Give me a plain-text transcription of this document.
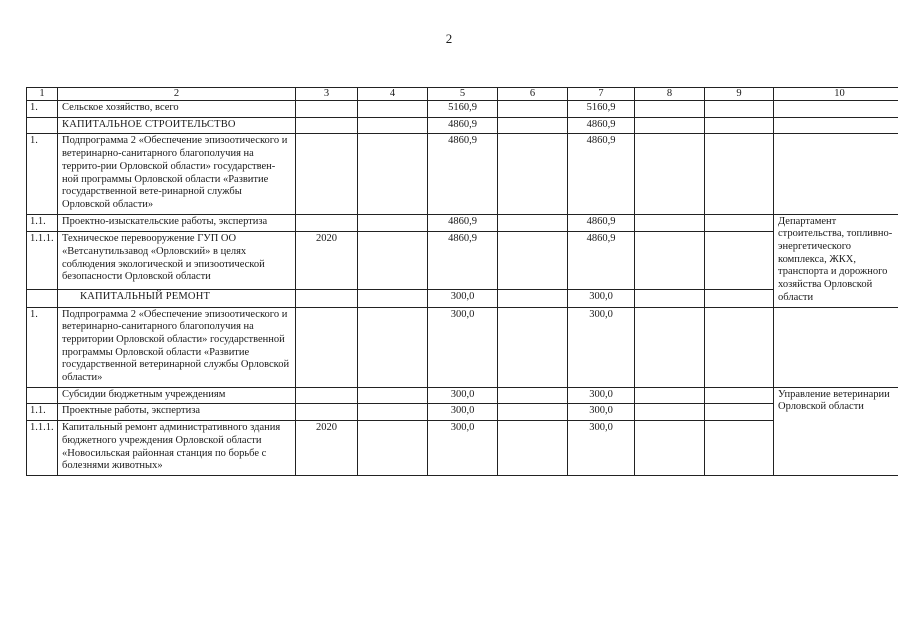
2
1	2	3	4	5	6	7	8	9	10
1.	Сельское хозяйство, всего			5160,9		5160,9			
	КАПИТАЛЬНОЕ СТРОИТЕЛЬСТВО			4860,9		4860,9			
1.	Подпрограмма 2 «Обеспечение эпизоотического и ветеринарно-санитарного благополучия на террито-рии Орловской области» государствен-ной программы Орловской области «Развитие государственной вете-ринарной службы Орловской области»			4860,9		4860,9			
1.1.	Проектно-изыскательские работы, экспертиза			4860,9		4860,9			Департамент строительства, топливно-энергетического комплекса, ЖКХ, транспорта и дорожного хозяйства Орловской области
1.1.1.	Техническое перевооружение ГУП ОО «Ветсанутильзавод «Орловский» в целях соблюдения экологической и эпизоотической безопасности Орловской области	2020		4860,9		4860,9			
	КАПИТАЛЬНЫЙ РЕМОНТ			300,0		300,0			
1.	Подпрограмма 2 «Обеспечение эпизоотического и ветеринарно-санитарного благополучия на территории Орловской области» государственной программы Орловской области «Развитие государственной ветеринарной службы Орловской области»			300,0		300,0			
	Субсидии бюджетным учреждениям			300,0		300,0			Управление ветеринарии Орловской области
1.1.	Проектные работы, экспертиза			300,0		300,0			
1.1.1.	Капитальный ремонт административного здания бюджетного учреждения Орловской области «Новосильская районная станция по борьбе с болезнями животных»	2020		300,0		300,0			
